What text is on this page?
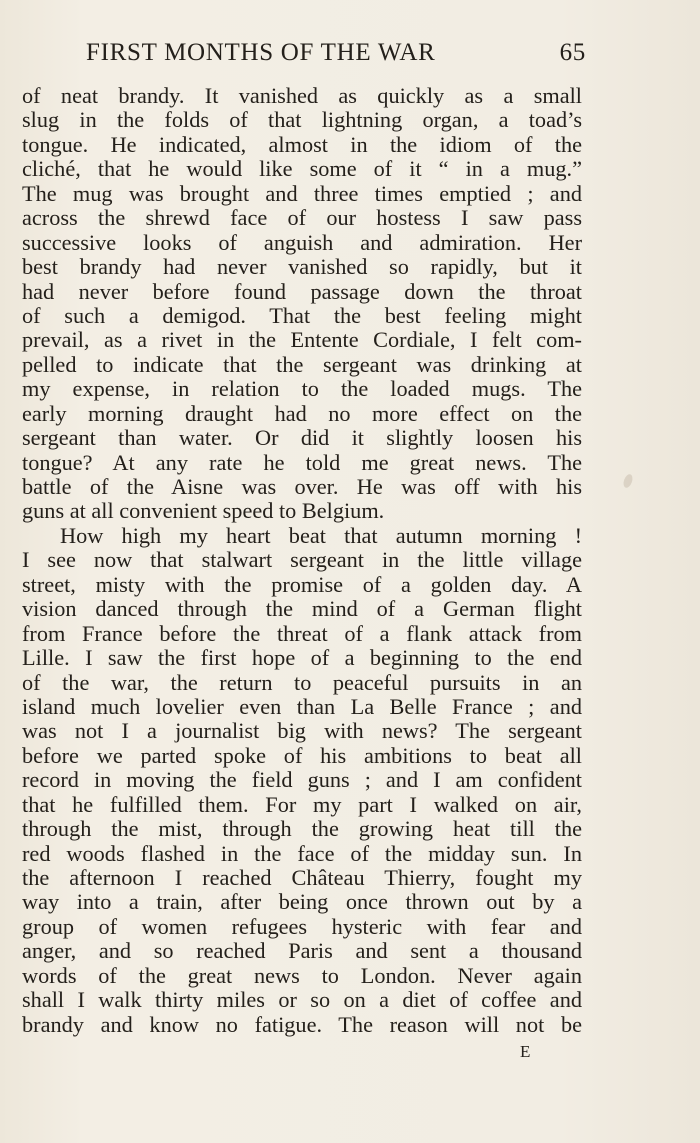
FIRST MONTHS OF THE WAR	65
of neat brandy. It vanished as quickly as a small
slug in the folds of that lightning organ, a toad’s
tongue. He indicated, almost in the idiom of the
cliché, that he would like some of it “ in a mug.”
The mug was brought and three times emptied ; and
across the shrewd face of our hostess I saw pass
successive looks of anguish and admiration. Her
best brandy had never vanished so rapidly, but it
had never before found passage down the throat
of such a demigod. That the best feeling might
prevail, as a rivet in the Entente Cordiale, I felt com-
pelled to indicate that the sergeant was drinking at
my expense, in relation to the loaded mugs. The
early morning draught had no more effect on the
sergeant than water. Or did it slightly loosen his
tongue? At any rate he told me great news. The
battle of the Aisne was over. He was off with his
guns at all convenient speed to Belgium.
How high my heart beat that autumn morning !
I see now that stalwart sergeant in the little village
street, misty with the promise of a golden day. A
vision danced through the mind of a German flight
from France before the threat of a flank attack from
Lille. I saw the first hope of a beginning to the end
of the war, the return to peaceful pursuits in an
island much lovelier even than La Belle France ; and
was not I a journalist big with news? The sergeant
before we parted spoke of his ambitions to beat all
record in moving the field guns ; and I am confident
that he fulfilled them. For my part I walked on air,
through the mist, through the growing heat till the
red woods flashed in the face of the midday sun. In
the afternoon I reached Château Thierry, fought my
way into a train, after being once thrown out by a
group of women refugees hysteric with fear and
anger, and so reached Paris and sent a thousand
words of the great news to London. Never again
shall I walk thirty miles or so on a diet of coffee and
brandy and know no fatigue. The reason will not be
E
